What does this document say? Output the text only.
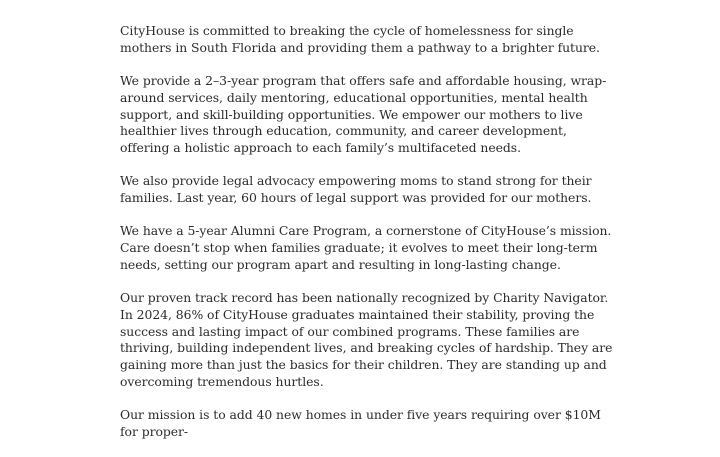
CityHouse is committed to breaking the cycle of homelessness for single mothers in South Florida and providing them a pathway to a brighter future.

We provide a 2–3-year program that offers safe and affordable housing, wrap-around services, daily mentoring, educational opportunities, mental health support, and skill-building opportunities. We empower our mothers to live healthier lives through education, community, and career development, offering a holistic approach to each family’s multifaceted needs.

We also provide legal advocacy empowering moms to stand strong for their families. Last year, 60 hours of legal support was provided for our mothers.

We have a 5-year Alumni Care Program, a cornerstone of CityHouse’s mission. Care doesn’t stop when families graduate; it evolves to meet their long-term needs, setting our program apart and resulting in long-lasting change.

Our proven track record has been nationally recognized by Charity Navigator. In 2024, 86% of CityHouse graduates maintained their stability, proving the success and lasting impact of our combined programs. These families are thriving, building independent lives, and breaking cycles of hardship. They are gaining more than just the basics for their children. They are standing up and overcoming tremendous hurtles.

Our mission is to add 40 new homes in under five years requiring over $10M for proper-
